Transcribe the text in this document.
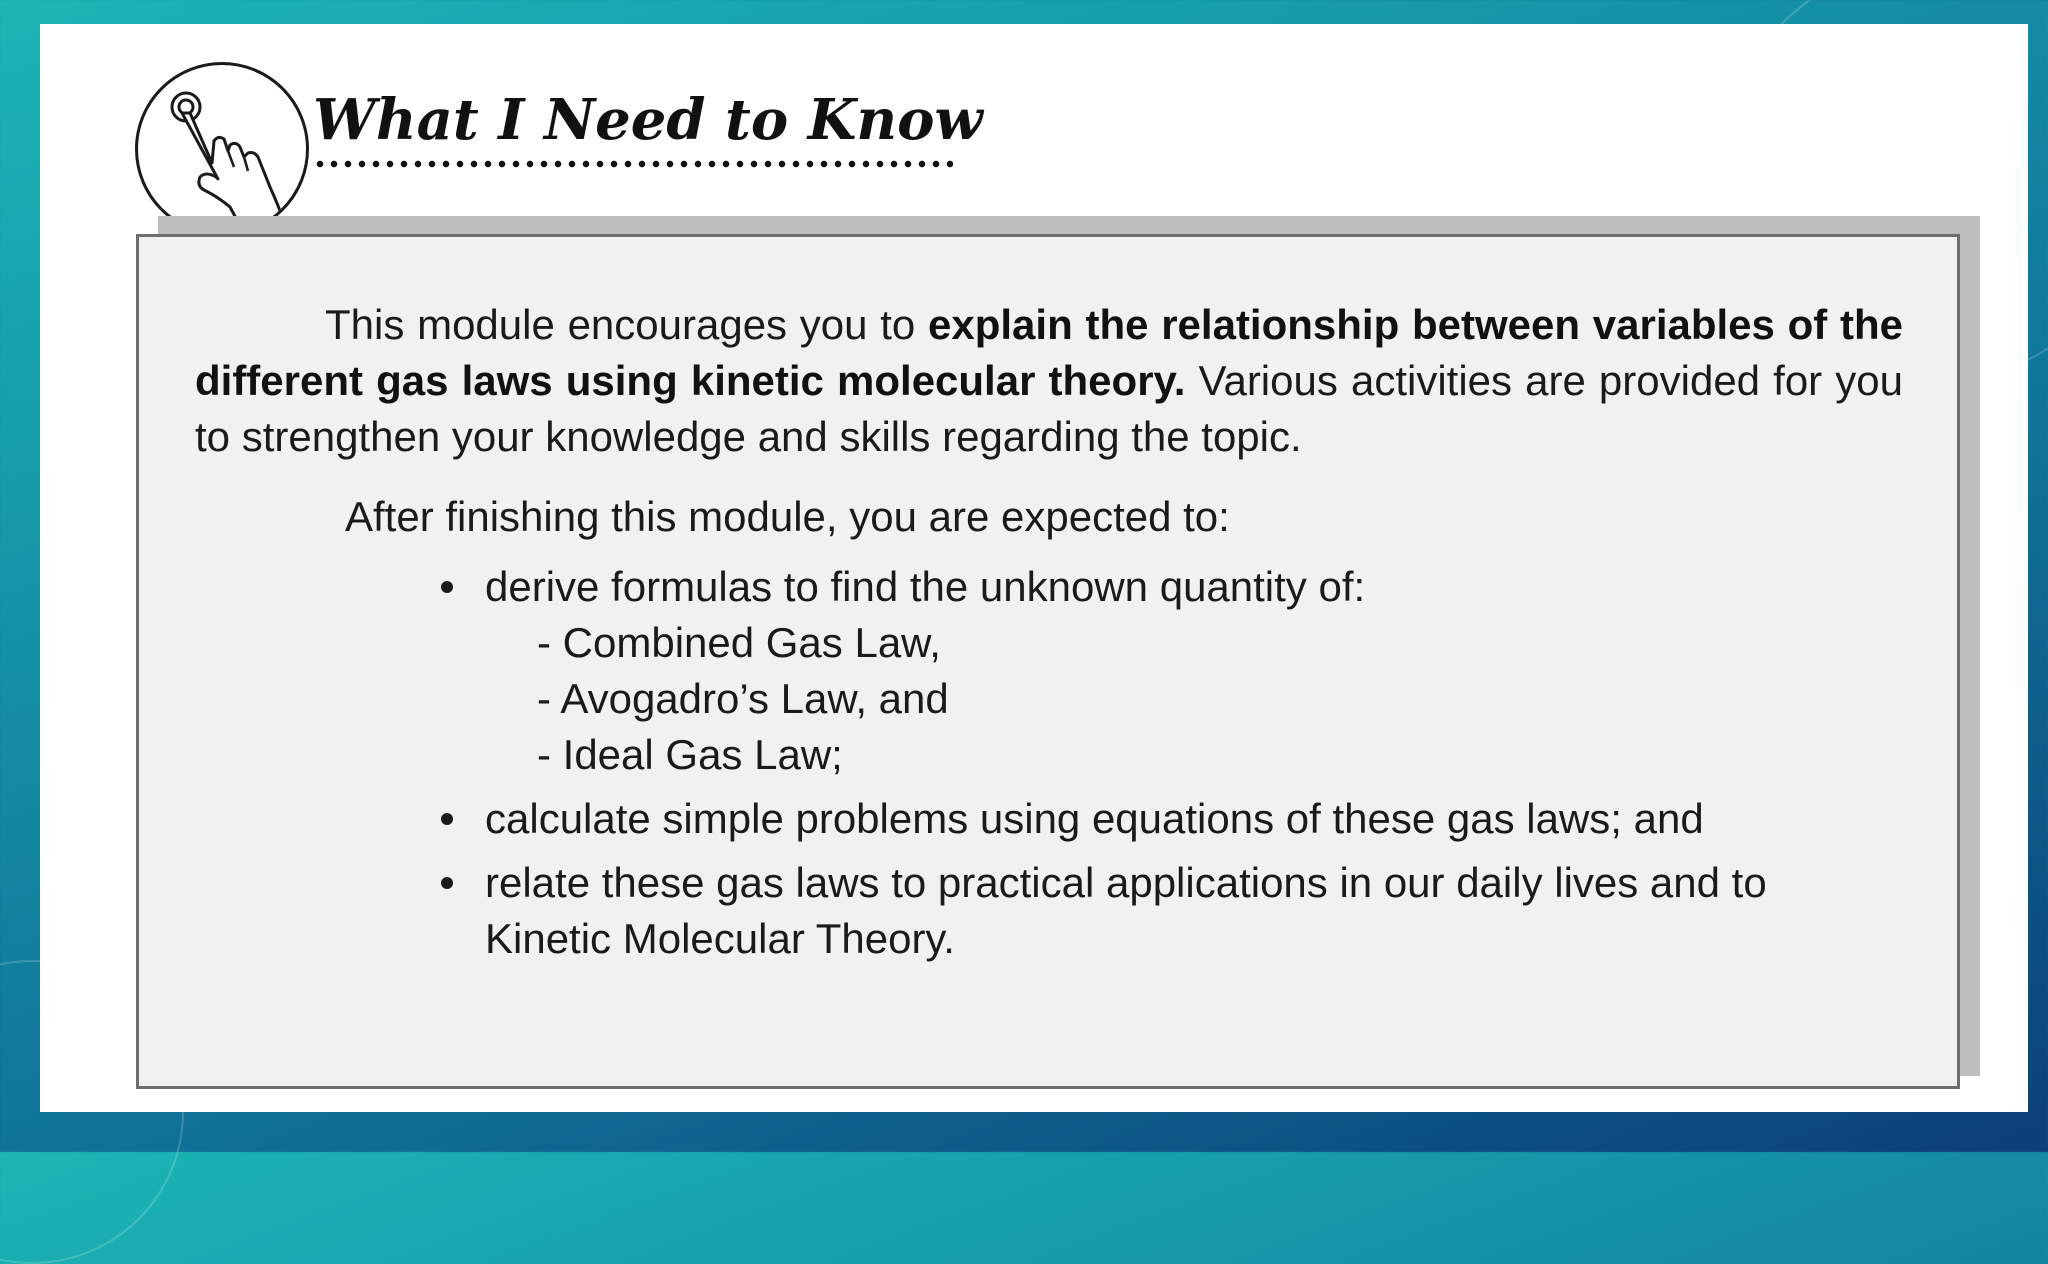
What I Need to Know

This module encourages you to explain the relationship between variables of the different gas laws using kinetic molecular theory. Various activities are provided for you to strengthen your knowledge and skills regarding the topic.

After finishing this module, you are expected to:
derive formulas to find the unknown quantity of:
- Combined Gas Law,
- Avogadro’s Law, and
- Ideal Gas Law;
calculate simple problems using equations of these gas laws; and
relate these gas laws to practical applications in our daily lives and to Kinetic Molecular Theory.
